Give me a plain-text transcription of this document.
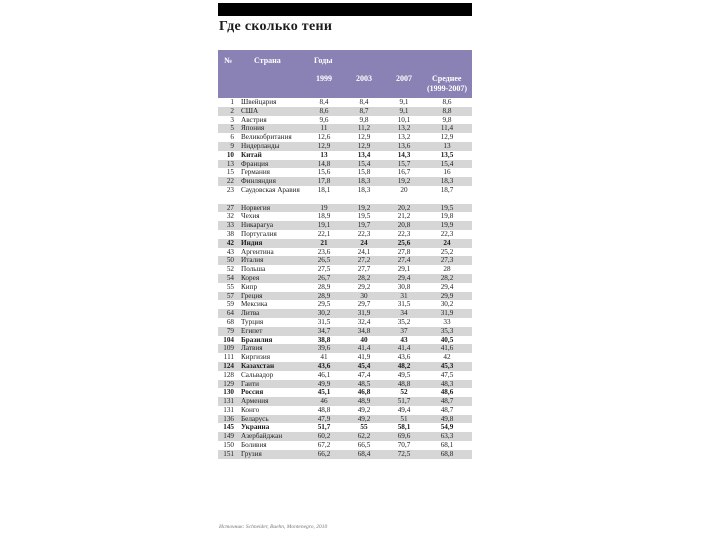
Где сколько тени
№	Страна	Годы
1999	2003	2007	Среднее
(1999-2007)
1 Швейцария	8,4	8,4	9,1	8,6
2 США	8,6	8,7	9,1	8,8
3 Австрия	9,6	9,8	10,1	9,8
5 Япония	11	11,2	13,2	11,4
6 Великобритания	12,6	12,9	13,2	12,9
9 Нидерланды	12,9	12,9	13,6	13
10 Китай	13	13,4	14,3	13,5
13 Франция	14,8	15,4	15,7	15,4
15 Германия	15,6	15,8	16,7	16
22 Финляндия	17,8	18,3	19,2	18,3
23 Саудовская Аравия	18,1	18,3	20	18,7
27 Норвегия	19	19,2	20,2	19,5
32 Чехия	18,9	19,5	21,2	19,8
33 Никарагуа	19,1	19,7	20,8	19,9
38 Португалия	22,1	22,3	22,3	22,3
42 Индия	21	24	25,6	24
43 Аргентина	23,6	24,1	27,8	25,2
50 Италия	26,5	27,2	27,4	27,3
52 Польша	27,5	27,7	29,1	28
54 Корея	26,7	28,2	29,4	28,2
55 Кипр	28,9	29,2	30,8	29,4
57 Греция	28,9	30	31	29,9
59 Мексика	29,5	29,7	31,5	30,2
64 Литва	30,2	31,9	34	31,9
68 Турция	31,5	32,4	35,2	33
79 Египет	34,7	34,8	37	35,3
104 Бразилия	38,8	40	43	40,5
109 Латвия	39,6	41,4	41,4	41,6
111 Киргизия	41	41,9	43,6	42
124 Казахстан	43,6	45,4	48,2	45,3
128 Сальвадор	46,1	47,4	49,5	47,5
129 Гаити	49,9	48,5	48,8	48,3
130 Россия	45,1	46,8	52	48,6
131 Армения	46	48,9	51,7	48,7
131 Конго	48,8	49,2	49,4	48,7
136 Беларусь	47,9	49,2	51	49,8
145 Украина	51,7	55	58,1	54,9
149 Азербайджан	60,2	62,2	69,6	63,3
150 Боливия	67,2	66,5	70,7	68,1
151 Грузия	66,2	68,4	72,5	68,8
Источник: Schneider, Buehn, Montenegro, 2010
